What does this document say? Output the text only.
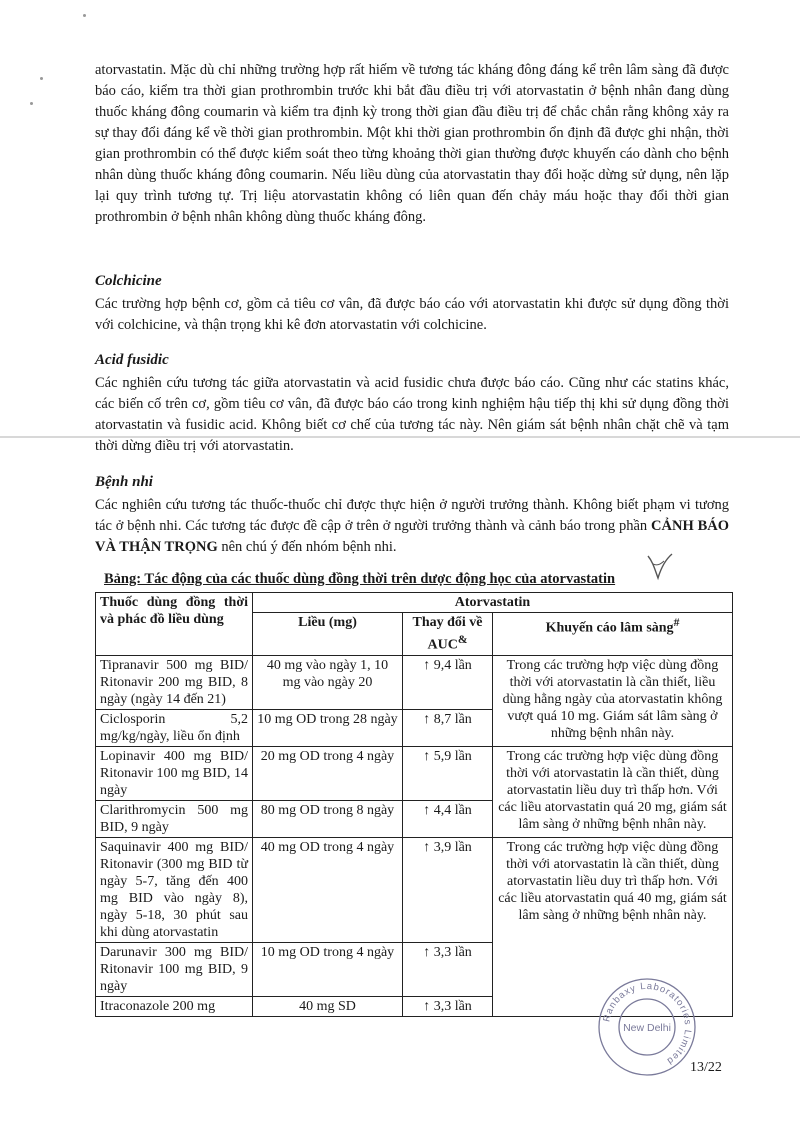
atorvastatin. Mặc dù chỉ những trường hợp rất hiếm về tương tác kháng đông đáng kể trên lâm sàng đã được báo cáo, kiểm tra thời gian prothrombin trước khi bắt đầu điều trị với atorvastatin ở bệnh nhân đang dùng thuốc kháng đông coumarin và kiểm tra định kỳ trong thời gian đầu điều trị để chắc chắn rằng không xảy ra sự thay đổi đáng kể về thời gian prothrombin. Một khi thời gian prothrombin ổn định đã được ghi nhận, thời gian prothrombin có thể được kiểm soát theo từng khoảng thời gian thường được khuyến cáo dành cho bệnh nhân dùng thuốc kháng đông coumarin. Nếu liều dùng của atorvastatin thay đổi hoặc dừng sử dụng, nên lặp lại quy trình tương tự. Trị liệu atorvastatin không có liên quan đến chảy máu hoặc thay đổi thời gian prothrombin ở bệnh nhân không dùng thuốc kháng đông.

Colchicine

Các trường hợp bệnh cơ, gồm cả tiêu cơ vân, đã được báo cáo với atorvastatin khi được sử dụng đồng thời với colchicine, và thận trọng khi kê đơn atorvastatin với colchicine.

Acid fusidic

Các nghiên cứu tương tác giữa atorvastatin và acid fusidic chưa được báo cáo. Cũng như các statins khác, các biến cố trên cơ, gồm tiêu cơ vân, đã được báo cáo trong kinh nghiệm hậu tiếp thị khi sử dụng đồng thời atorvastatin và fusidic acid. Không biết cơ chế của tương tác này. Nên giám sát bệnh nhân chặt chẽ và tạm thời dừng điều trị với atorvastatin.

Bệnh nhi

Các nghiên cứu tương tác thuốc-thuốc chỉ được thực hiện ở người trưởng thành. Không biết phạm vi tương tác ở bệnh nhi. Các tương tác được đề cập ở trên ở người trưởng thành và cảnh báo trong phần CẢNH BÁO VÀ THẬN TRỌNG nên chú ý đến nhóm bệnh nhi.

Bảng: Tác động của các thuốc dùng đồng thời trên dược động học của atorvastatin

Thuốc dùng đồng thời và phác đồ liều dùng	Atorvastatin		
	Liều (mg)	Thay đổi về AUC&	Khuyến cáo lâm sàng#
Tipranavir 500 mg BID/ Ritonavir 200 mg BID, 8 ngày (ngày 14 đến 21)	40 mg vào ngày 1, 10 mg vào ngày 20	↑ 9,4 lần	Trong các trường hợp việc dùng đồng thời với atorvastatin là cần thiết, liều dùng hằng ngày của atorvastatin không vượt quá 10 mg. Giám sát lâm sàng ở những bệnh nhân này.
Ciclosporin 5,2 mg/kg/ngày, liều ổn định	10 mg OD trong 28 ngày	↑ 8,7 lần	
Lopinavir 400 mg BID/ Ritonavir 100 mg BID, 14 ngày	20 mg OD trong 4 ngày	↑ 5,9 lần	Trong các trường hợp việc dùng đồng thời với atorvastatin là cần thiết, dùng atorvastatin liều duy trì thấp hơn. Với các liều atorvastatin quá 20 mg, giám sát lâm sàng ở những bệnh nhân này.
Clarithromycin 500 mg BID, 9 ngày	80 mg OD trong 8 ngày	↑ 4,4 lần	
Saquinavir 400 mg BID/ Ritonavir (300 mg BID từ ngày 5-7, tăng đến 400 mg BID vào ngày 8), ngày 5-18, 30 phút sau khi dùng atorvastatin	40 mg OD trong 4 ngày	↑ 3,9 lần	Trong các trường hợp việc dùng đồng thời với atorvastatin là cần thiết, dùng atorvastatin liều duy trì thấp hơn. Với các liều atorvastatin quá 40 mg, giám sát lâm sàng ở những bệnh nhân này.
Darunavir 300 mg BID/ Ritonavir 100 mg BID, 9 ngày	10 mg OD trong 4 ngày	↑ 3,3 lần	
Itraconazole 200 mg	40 mg SD	↑ 3,3 lần	
New Delhi
Ranbaxy Laboratories Limited	13/22
